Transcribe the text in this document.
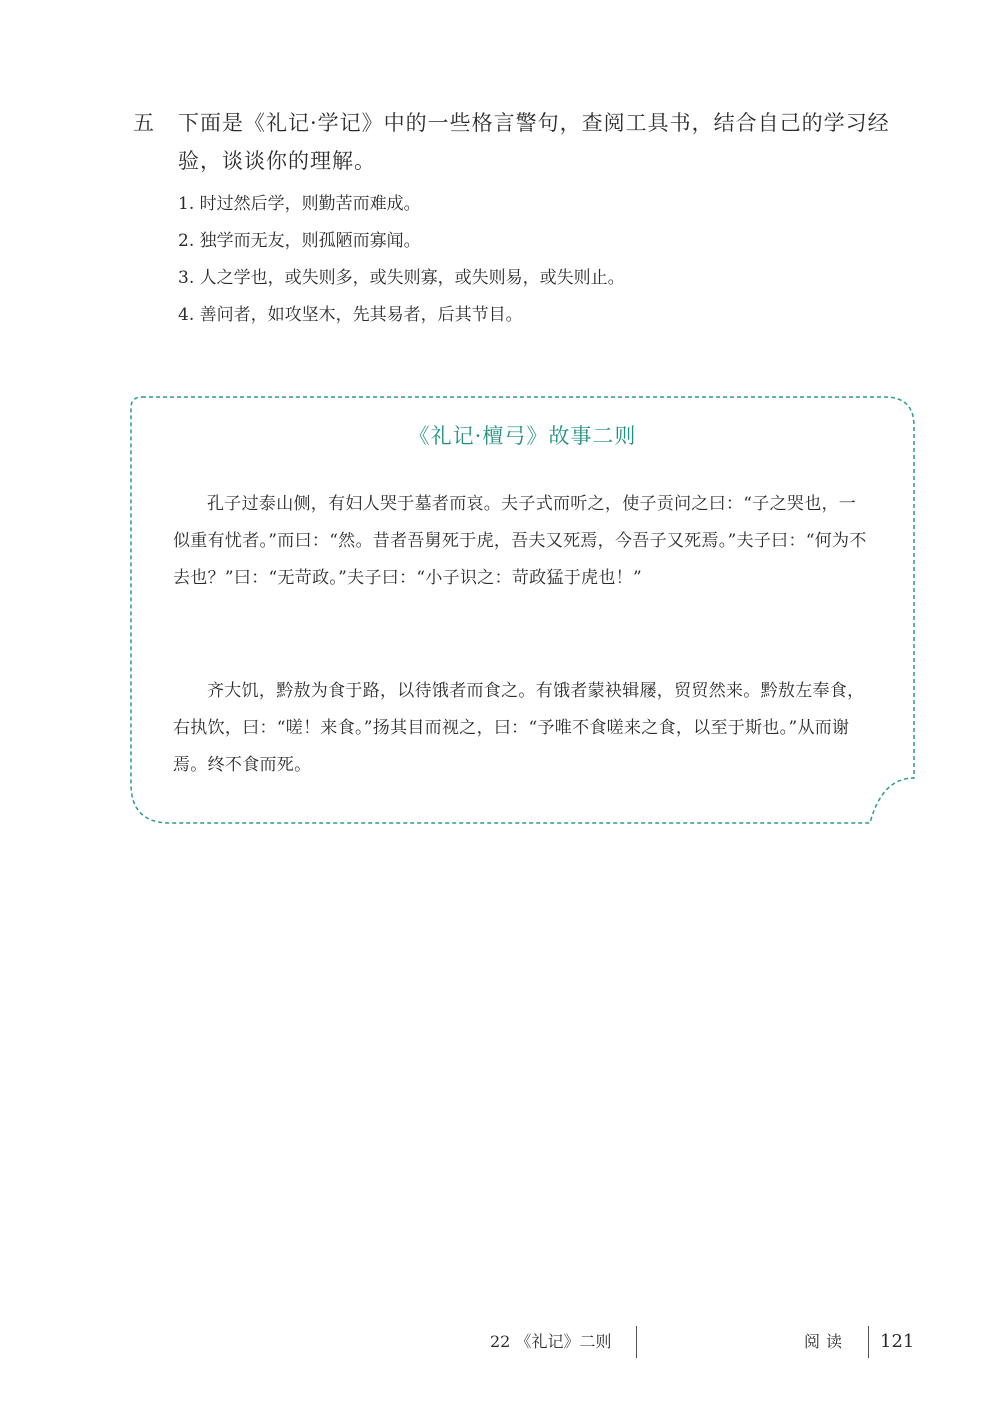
五	下面是《礼记·学记》中的一些格言警句，查阅工具书，结合自己的学习经验，谈谈你的理解。
1. 时过然后学，则勤苦而难成。
2. 独学而无友，则孤陋而寡闻。
3. 人之学也，或失则多，或失则寡，或失则易，或失则止。
4. 善问者，如攻坚木，先其易者，后其节目。
《礼记·檀弓》故事二则

孔子过泰山侧，有妇人哭于墓者而哀。夫子式而听之，使子贡问之曰：“子之哭也，一似重有忧者。”而曰：“然。昔者吾舅死于虎，吾夫又死焉，今吾子又死焉。”夫子曰：“何为不去也？”曰：“无苛政。”夫子曰：“小子识之：苛政猛于虎也！”

齐大饥，黔敖为食于路，以待饿者而食之。有饿者蒙袂辑屦，贸贸然来。黔敖左奉食，右执饮，曰：“嗟！来食。”扬其目而视之，曰：“予唯不食嗟来之食，以至于斯也。”从而谢焉。终不食而死。

22 《礼记》二则	阅读 121
